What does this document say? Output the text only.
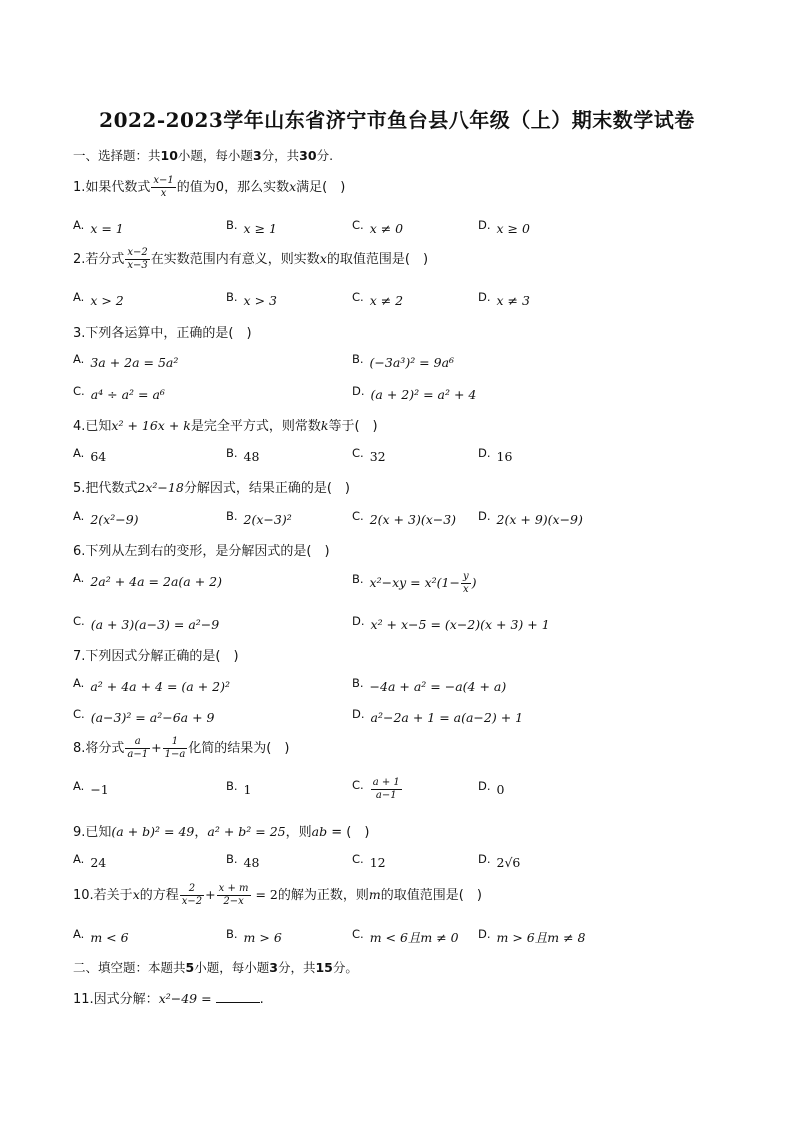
2022-2023学年山东省济宁市鱼台县八年级（上）期末数学试卷
一、选择题：共10小题，每小题3分，共30分.
1.如果代数式 $\frac{x-1}{x}$ 的值为0，那么实数x满足(　)
A. x = 1	B. x ≥ 1	C. x ≠ 0	D. x ≥ 0
2.若分式 $\frac{x-2}{x-3}$ 在实数范围内有意义，则实数x的取值范围是(　)
A. x > 2	B. x > 3	C. x ≠ 2	D. x ≠ 3
3.下列各运算中，正确的是(　)
A. 3a + 2a = 5a²	B. (−3a³)² = 9a⁶
C. a⁴ ÷ a² = a⁶	D. (a + 2)² = a² + 4
4.已知x² + 16x + k是完全平方式，则常数k等于(　)
A. 64	B. 48	C. 32	D. 16
5.把代数式2x²−18分解因式，结果正确的是(　)
A. 2(x²−9)	B. 2(x−3)²	C. 2(x + 3)(x−3) D. 2(x + 9)(x−9)
6.下列从左到右的变形，是分解因式的是(　)
A. 2a² + 4a = 2a(a + 2)	B. $x^2-xy = x^2(1- \frac{y}{x}$ )
C. (a + 3)(a−3) = a²−9	D. x² + x−5 = (x−2)(x + 3) + 1
7.下列因式分解正确的是(　)
A. a² + 4a + 4 = (a + 2)²	B. −4a + a² = −a(4 + a)
C. (a−3)² = a²−6a + 9	D. a²−2a + 1 = a(a−2) + 1
8.将分式 $\frac{a}{a-1} + \frac{1}{1-a}$ 化简的结果为(　)
A. −1	B. 1	C. $\frac{a + 1}{a-1}$	D. 0
9.已知(a + b)² = 49，a² + b² = 25，则ab = (　)
A. 24	B. 48	C. 12	D. 2√6
10.若关于x的方程 $\frac{2}{x-2} + \frac{x + m}{2-x} = 2$的解为正数，则m的取值范围是(　)
A. m < 6	B. m > 6	C. m < 6且m ≠ 0 D. m > 6且m ≠ 8
二、填空题：本题共5小题，每小题3分，共15分。
11.因式分解：x²−49 =	.
